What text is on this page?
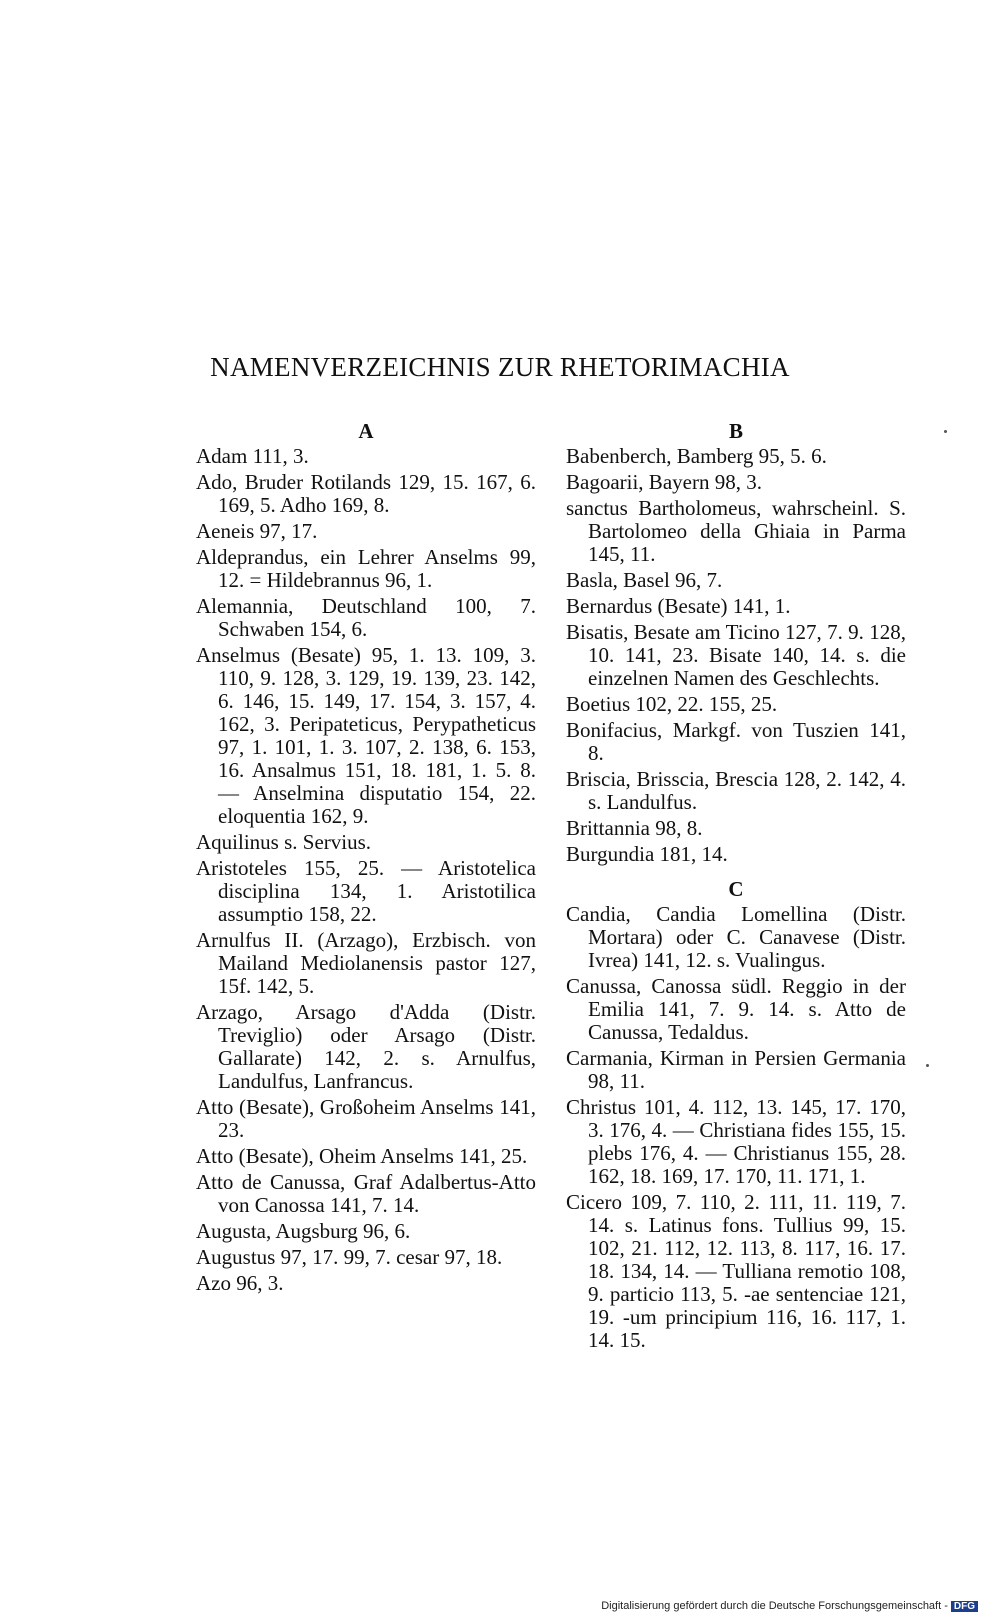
NAMENVERZEICHNIS ZUR RHETORIMACHIA
A
Adam 111, 3.
Ado, Bruder Rotilands 129, 15. 167, 6. 169, 5. Adho 169, 8.
Aeneis 97, 17.
Aldeprandus, ein Lehrer Anselms 99, 12. = Hildebrannus 96, 1.
Alemannia, Deutschland 100, 7. Schwaben 154, 6.
Anselmus (Besate) 95, 1. 13. 109, 3. 110, 9. 128, 3. 129, 19. 139, 23. 142, 6. 146, 15. 149, 17. 154, 3. 157, 4. 162, 3. Peripateticus, Perypatheticus 97, 1. 101, 1. 3. 107, 2. 138, 6. 153, 16. Ansalmus 151, 18. 181, 1. 5. 8. — Anselmina disputatio 154, 22. eloquentia 162, 9.
Aquilinus s. Servius.
Aristoteles 155, 25. — Aristotelica disciplina 134, 1. Aristotilica assumptio 158, 22.
Arnulfus II. (Arzago), Erzbisch. von Mailand Mediolanensis pastor 127, 15f. 142, 5.
Arzago, Arsago d'Adda (Distr. Treviglio) oder Arsago (Distr. Gallarate) 142, 2. s. Arnulfus, Landulfus, Lanfrancus.
Atto (Besate), Großoheim Anselms 141, 23.
Atto (Besate), Oheim Anselms 141, 25.
Atto de Canussa, Graf Adalbertus-Atto von Canossa 141, 7. 14.
Augusta, Augsburg 96, 6.
Augustus 97, 17. 99, 7. cesar 97, 18.
Azo 96, 3.
B
Babenberch, Bamberg 95, 5. 6.
Bagoarii, Bayern 98, 3.
sanctus Bartholomeus, wahrscheinl. S. Bartolomeo della Ghiaia in Parma 145, 11.
Basla, Basel 96, 7.
Bernardus (Besate) 141, 1.
Bisatis, Besate am Ticino 127, 7. 9. 128, 10. 141, 23. Bisate 140, 14. s. die einzelnen Namen des Geschlechts.
Boetius 102, 22. 155, 25.
Bonifacius, Markgf. von Tuszien 141, 8.
Briscia, Brisscia, Brescia 128, 2. 142, 4. s. Landulfus.
Brittannia 98, 8.
Burgundia 181, 14.
C
Candia, Candia Lomellina (Distr. Mortara) oder C. Canavese (Distr. Ivrea) 141, 12. s. Vualingus.
Canussa, Canossa südl. Reggio in der Emilia 141, 7. 9. 14. s. Atto de Canussa, Tedaldus.
Carmania, Kirman in Persien Germania 98, 11.
Christus 101, 4. 112, 13. 145, 17. 170, 3. 176, 4. — Christiana fides 155, 15. plebs 176, 4. — Christianus 155, 28. 162, 18. 169, 17. 170, 11. 171, 1.
Cicero 109, 7. 110, 2. 111, 11. 119, 7. 14. s. Latinus fons. Tullius 99, 15. 102, 21. 112, 12. 113, 8. 117, 16. 17. 18. 134, 14. — Tulliana remotio 108, 9. particio 113, 5. -ae sentenciae 121, 19. -um principium 116, 16. 117, 1. 14. 15.
Digitalisierung gefördert durch die Deutsche Forschungsgemeinschaft - DFG
